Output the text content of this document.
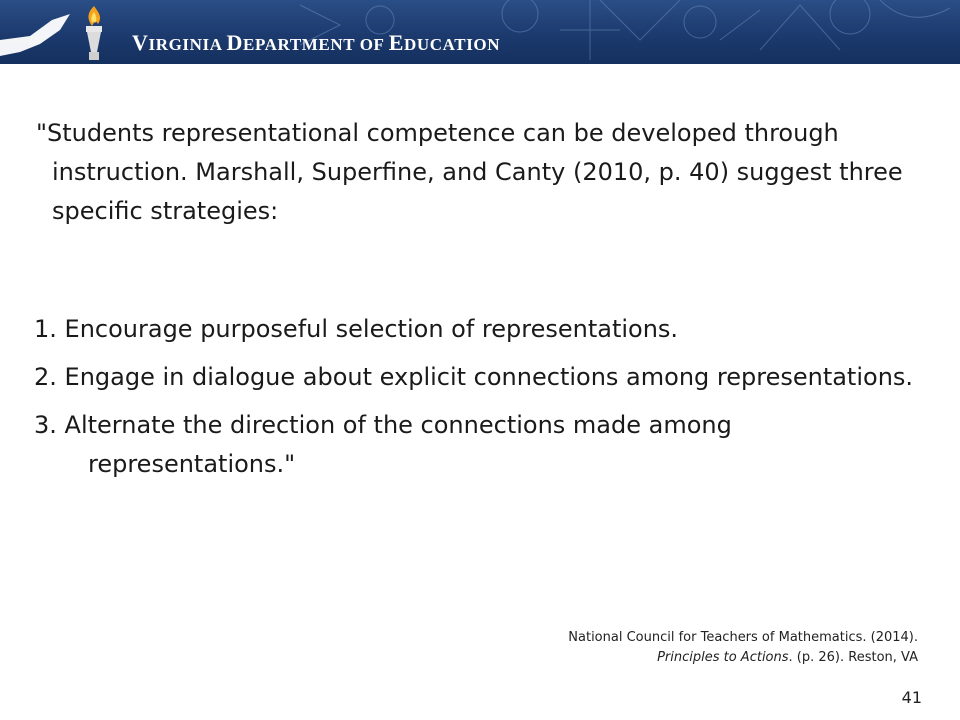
VIRGINIA DEPARTMENT OF EDUCATION

"Students representational competence can be developed through instruction. Marshall, Superfine, and Canty (2010, p. 40) suggest three specific strategies:

1. Encourage purposeful selection of representations.

2. Engage in dialogue about explicit connections among representations.

3. Alternate the direction of the connections made among representations."

National Council for Teachers of Mathematics. (2014).
Principles to Actions. (p. 26). Reston, VA
41
